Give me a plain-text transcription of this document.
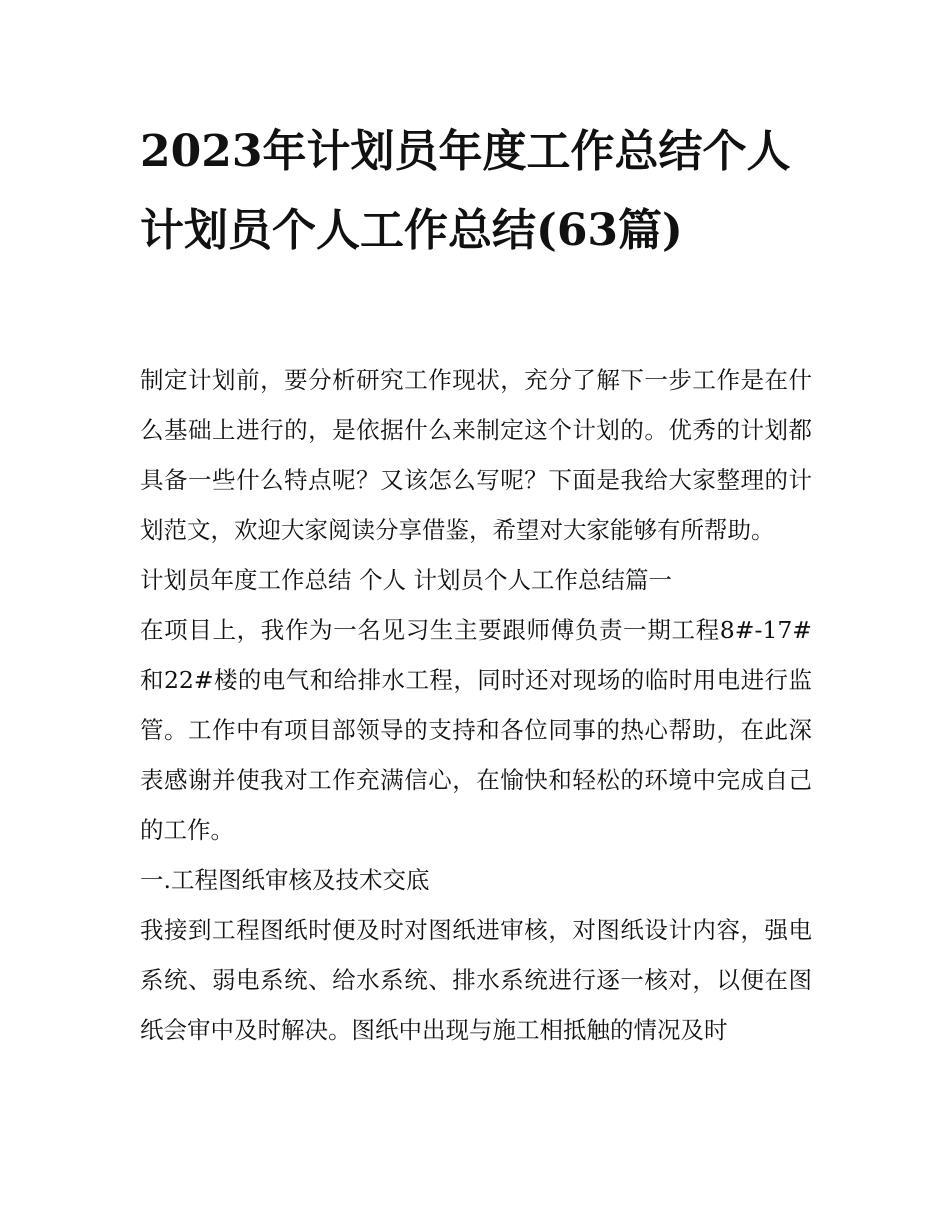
2023年计划员年度工作总结个人 计划员个人工作总结(63篇)

制定计划前，要分析研究工作现状，充分了解下一步工作是在什么基础上进行的，是依据什么来制定这个计划的。优秀的计划都具备一些什么特点呢？又该怎么写呢？下面是我给大家整理的计划范文，欢迎大家阅读分享借鉴，希望对大家能够有所帮助。

计划员年度工作总结 个人 计划员个人工作总结篇一

在项目上，我作为一名见习生主要跟师傅负责一期工程8#-17#和22#楼的电气和给排水工程，同时还对现场的临时用电进行监管。工作中有项目部领导的支持和各位同事的热心帮助，在此深表感谢并使我对工作充满信心，在愉快和轻松的环境中完成自己的工作。

一.工程图纸审核及技术交底

我接到工程图纸时便及时对图纸进审核，对图纸设计内容，强电系统、弱电系统、给水系统、排水系统进行逐一核对，以便在图纸会审中及时解决。图纸中出现与施工相抵触的情况及时
